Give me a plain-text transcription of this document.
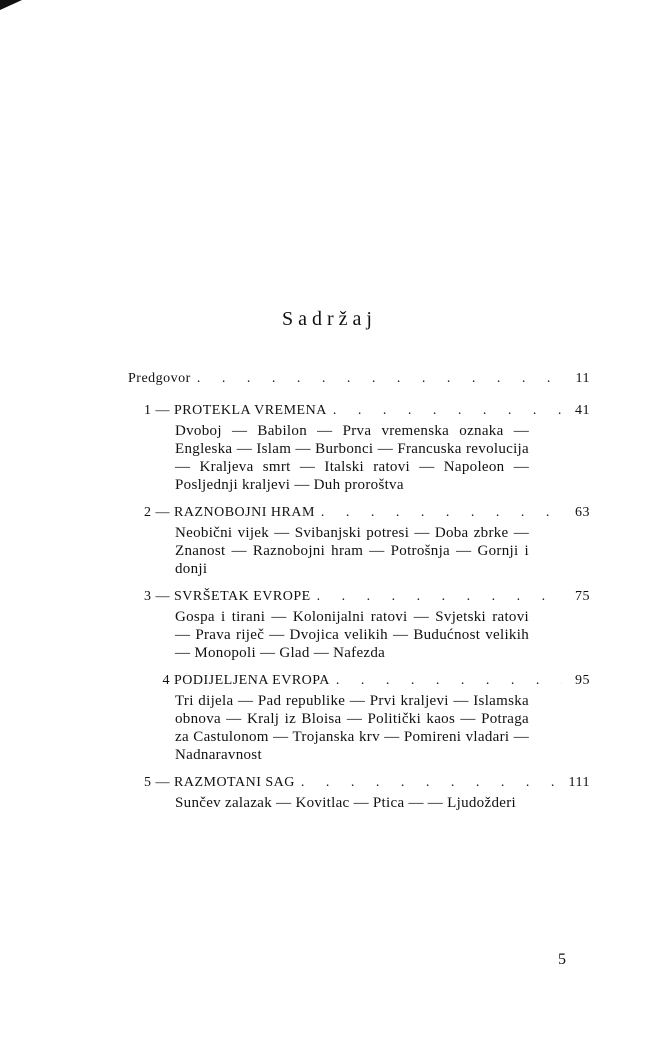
Sadržaj
Predgovor . . .	11
1 — PROTEKLA VREMENA . . .	41
Dvoboj — Babilon — Prva vremenska oznaka — Engleska — Islam — Burbonci — Francuska revolucija — Kraljeva smrt — Italski ratovi — Napoleon — Posljednji kraljevi — Duh proroštva
2 — RAZNOBOJNI HRAM . . .	63
Neobični vijek — Svibanjski potresi — Doba zbrke — Znanost — Raznobojni hram — Potrošnja — Gornji i donji
3 — SVRŠETAK EVROPE . . .	75
Gospa i tirani — Kolonijalni ratovi — Svjetski ratovi — Prava riječ — Dvojica velikih — Budućnost velikih — Monopoli — Glad — Nafezda
4 PODIJELJENA EVROPA . . .	95
Tri dijela — Pad republike — Prvi kraljevi — Islamska obnova — Kralj iz Bloisa — Politički kaos — Potraga za Castulonom — Trojanska krv — Pomireni vladari — Nadnaravnost
5 — RAZMOTANI SAG . . .	111
Sunčev zalazak — Kovitlac — Ptica — — Ljudožderi
5
